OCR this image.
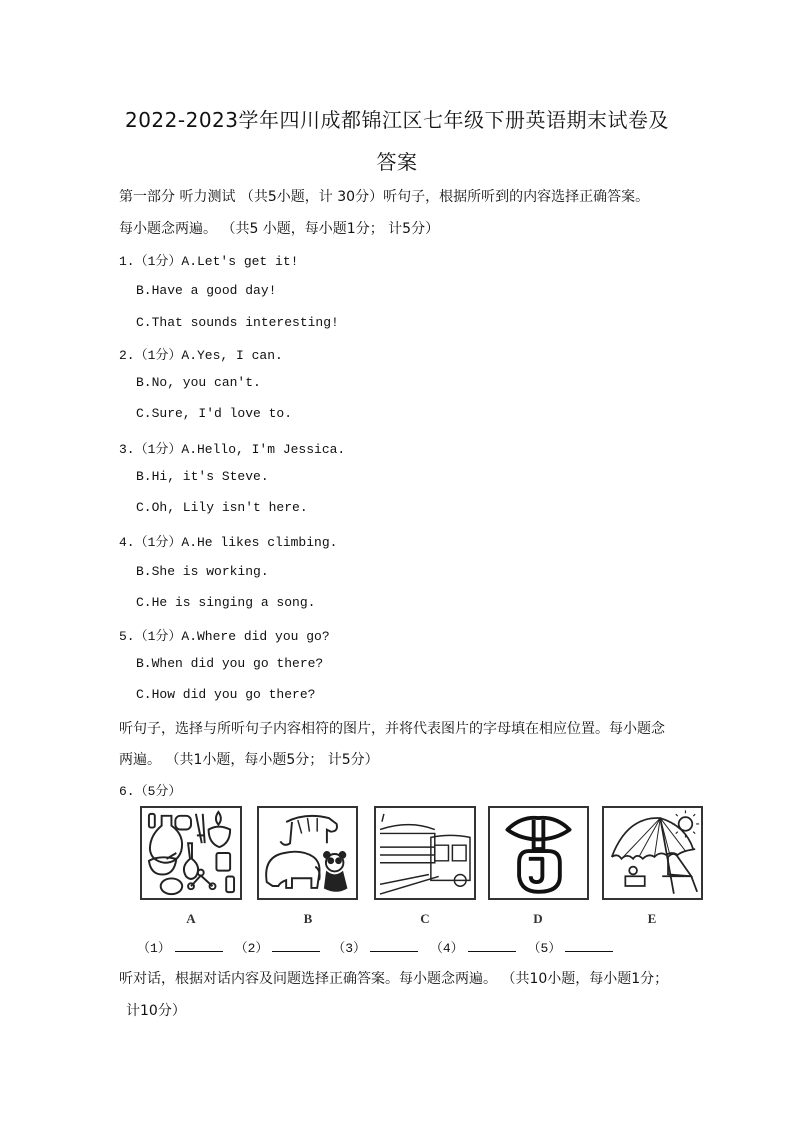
2022-2023学年四川成都锦江区七年级下册英语期末试卷及
答案
第一部分 听力测试 （共5小题，计 30分）听句子，根据所听到的内容选择正确答案。
每小题念两遍。 （共5 小题，每小题1分； 计5分）
1.（1分）A.Let's get it!
B.Have a good day!
C.That sounds interesting!
2.（1分）A.Yes, I can.
B.No, you can't.
C.Sure, I'd love to.
3.（1分）A.Hello, I'm Jessica.
B.Hi, it's Steve.
C.Oh, Lily isn't here.
4.（1分）A.He likes climbing.
B.She is working.
C.He is singing a song.
5.（1分）A.Where did you go?
B.When did you go there?
C.How did you go there?
听句子，选择与所听句子内容相符的图片，并将代表图片的字母填在相应位置。每小题念
两遍。 （共1小题，每小题5分； 计5分）
6.（5分）
A	B	C	D	E
（1）	（2）	（3）	（4）	（5）
听对话，根据对话内容及问题选择正确答案。每小题念两遍。 （共10小题，每小题1分；
计10分）
